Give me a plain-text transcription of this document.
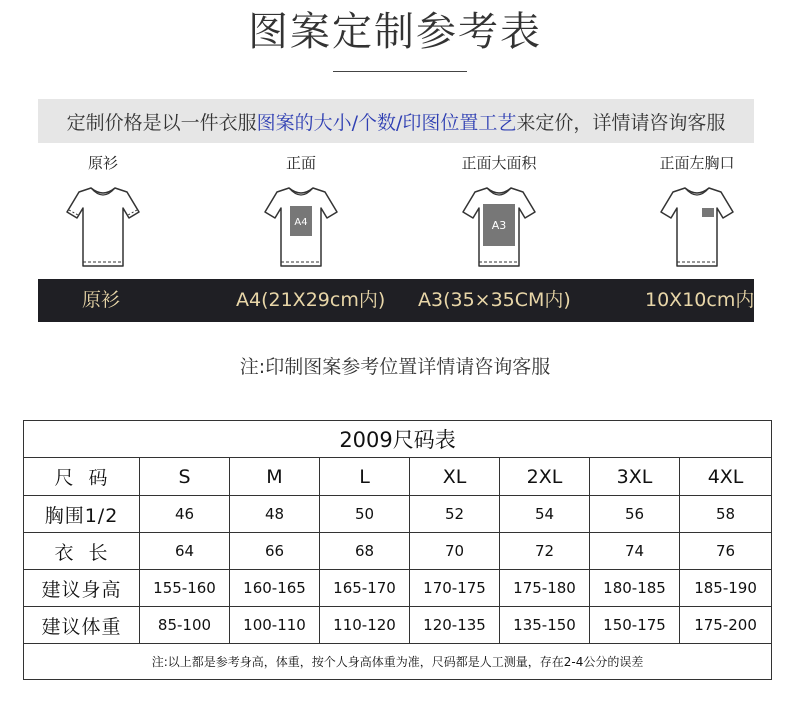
图案定制参考表
定制价格是以一件衣服 图案的大小/个数/印图位置工艺 来定价，详情请咨询客服
原衫	正面
A4
正面大面积
A3
正面左胸口
原衫	A4(21X29cm内) A3(35×35CM内)	10X10cm内
注:印制图案参考位置详情请咨询客服
2009尺码表							
尺  码	S	M	L	XL	2XL	3XL	4XL
胸围1/2	46	48	50	52	54	56	58
衣  长	64	66	68	70	72	74	76
建议身高	155-160	160-165	165-170	170-175	175-180	180-185	185-190
建议体重	85-100	100-110	110-120	120-135	135-150	150-175	175-200
注:以上都是参考身高，体重，按个人身高体重为准，尺码都是人工测量，存在2-4公分的误差							
